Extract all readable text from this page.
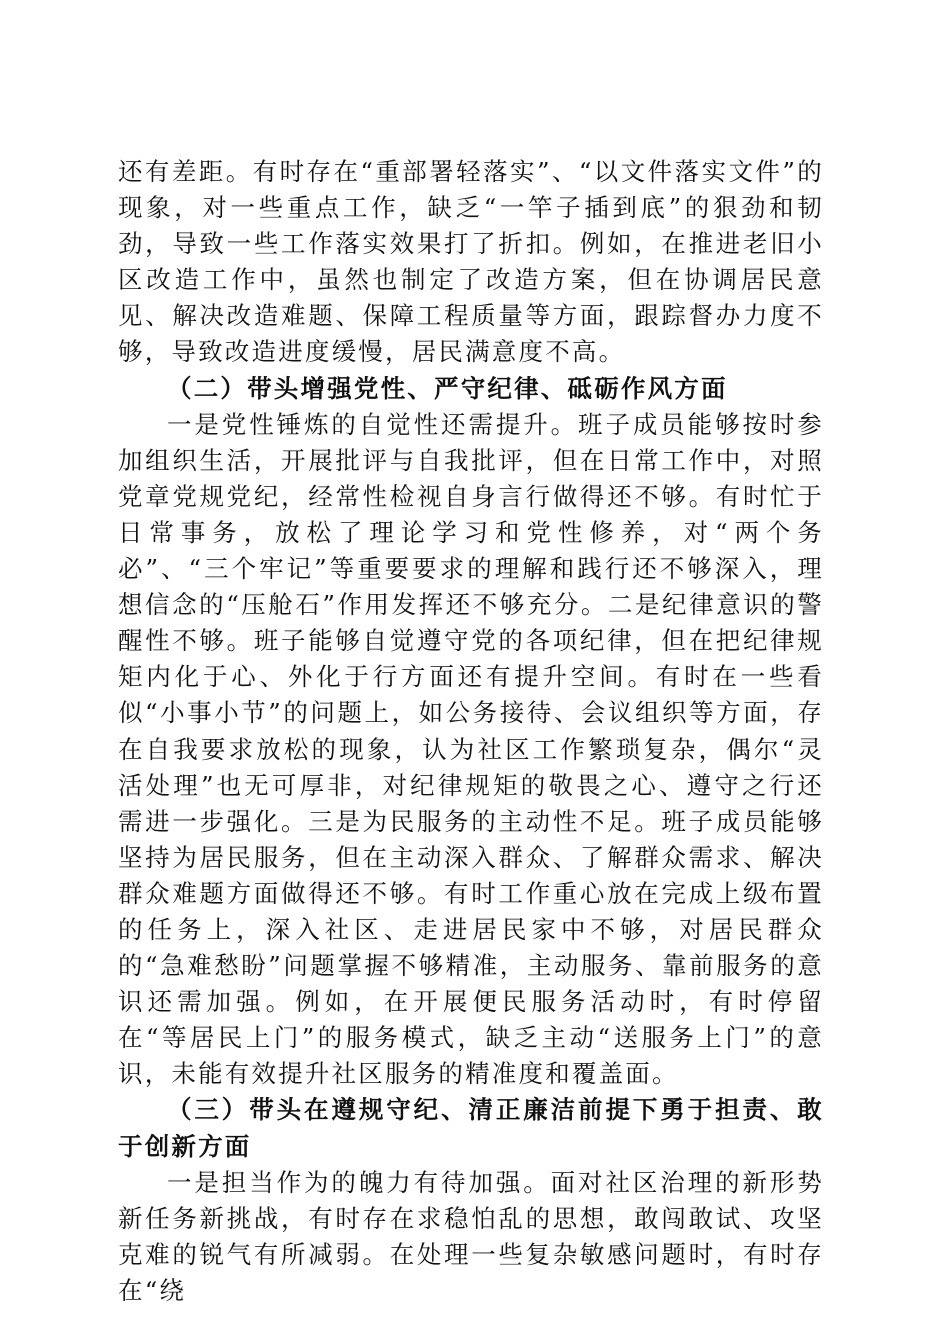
还有差距。有时存在“重部署轻落实”、“以文件落实文件”的现象，对一些重点工作，缺乏“一竿子插到底”的狠劲和韧劲，导致一些工作落实效果打了折扣。例如，在推进老旧小区改造工作中，虽然也制定了改造方案，但在协调居民意见、解决改造难题、保障工程质量等方面，跟踪督办力度不够，导致改造进度缓慢，居民满意度不高。

（二）带头增强党性、严守纪律、砥砺作风方面

一是党性锤炼的自觉性还需提升。班子成员能够按时参加组织生活，开展批评与自我批评，但在日常工作中，对照党章党规党纪，经常性检视自身言行做得还不够。有时忙于日常事务，放松了理论学习和党性修养，对“两个务必”、“三个牢记”等重要要求的理解和践行还不够深入，理想信念的“压舱石”作用发挥还不够充分。二是纪律意识的警醒性不够。班子能够自觉遵守党的各项纪律，但在把纪律规矩内化于心、外化于行方面还有提升空间。有时在一些看似“小事小节”的问题上，如公务接待、会议组织等方面，存在自我要求放松的现象，认为社区工作繁琐复杂，偶尔“灵活处理”也无可厚非，对纪律规矩的敬畏之心、遵守之行还需进一步强化。三是为民服务的主动性不足。班子成员能够坚持为居民服务，但在主动深入群众、了解群众需求、解决群众难题方面做得还不够。有时工作重心放在完成上级布置的任务上，深入社区、走进居民家中不够，对居民群众的“急难愁盼”问题掌握不够精准，主动服务、靠前服务的意识还需加强。例如，在开展便民服务活动时，有时停留在“等居民上门”的服务模式，缺乏主动“送服务上门”的意识，未能有效提升社区服务的精准度和覆盖面。

（三）带头在遵规守纪、清正廉洁前提下勇于担责、敢于创新方面

一是担当作为的魄力有待加强。面对社区治理的新形势新任务新挑战，有时存在求稳怕乱的思想，敢闯敢试、攻坚克难的锐气有所减弱。在处理一些复杂敏感问题时，有时存在“绕
